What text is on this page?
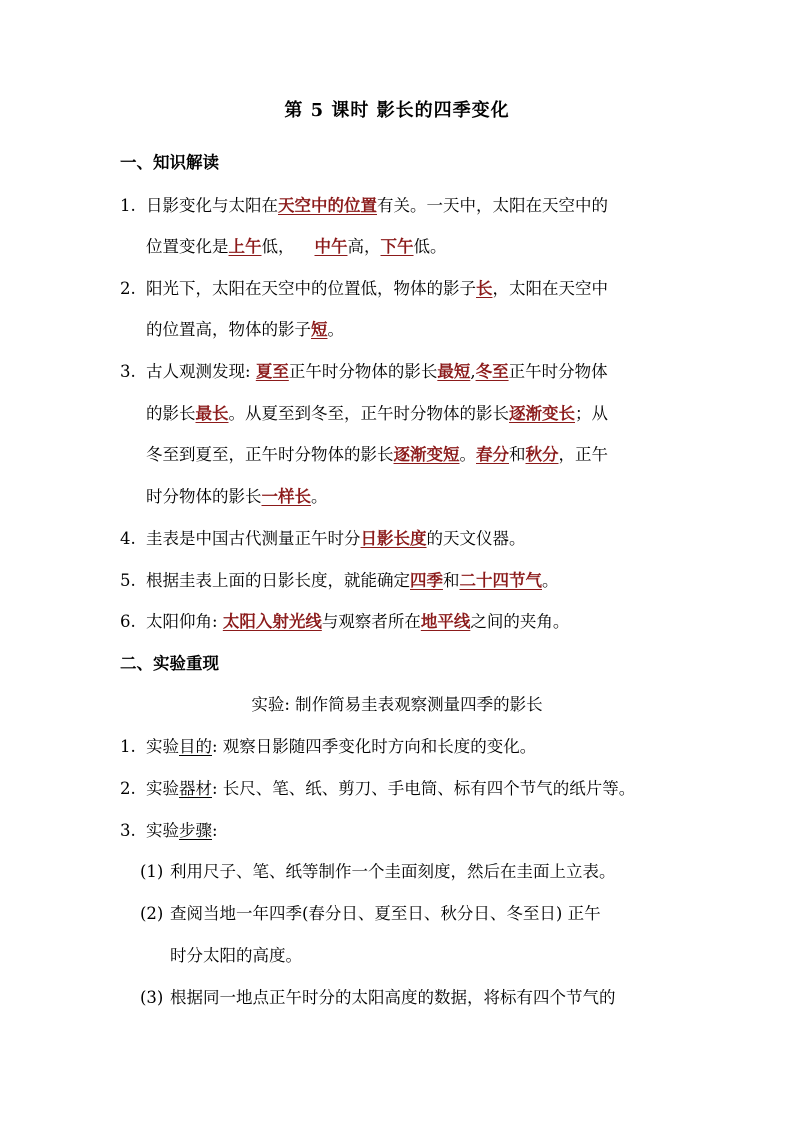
第 5 课时 影长的四季变化
一、知识解读
1. 日影变化与太阳在天空中的位置有关。一天中，太阳在天空中的
位置变化是上午低， 中午高，下午低。
2. 阳光下，太阳在天空中的位置低，物体的影子长，太阳在天空中
的位置高，物体的影子短。
3. 古人观测发现: 夏至正午时分物体的影长最短,冬至正午时分物体
的影长最长。从夏至到冬至，正午时分物体的影长逐渐变长；从
冬至到夏至，正午时分物体的影长逐渐变短。春分和秋分，正午
时分物体的影长一样长。
4. 圭表是中国古代测量正午时分日影长度的天文仪器。
5. 根据圭表上面的日影长度，就能确定四季和二十四节气。
6. 太阳仰角: 太阳入射光线与观察者所在地平线之间的夹角。
二、实验重现
实验: 制作简易圭表观察测量四季的影长
1. 实验目的: 观察日影随四季变化时方向和长度的变化。
2. 实验器材: 长尺、笔、纸、剪刀、手电筒、标有四个节气的纸片等。
3. 实验步骤:
(1) 利用尺子、笔、纸等制作一个圭面刻度，然后在圭面上立表。
(2) 查阅当地一年四季(春分日、夏至日、秋分日、冬至日) 正午
时分太阳的高度。
(3) 根据同一地点正午时分的太阳高度的数据，将标有四个节气的
